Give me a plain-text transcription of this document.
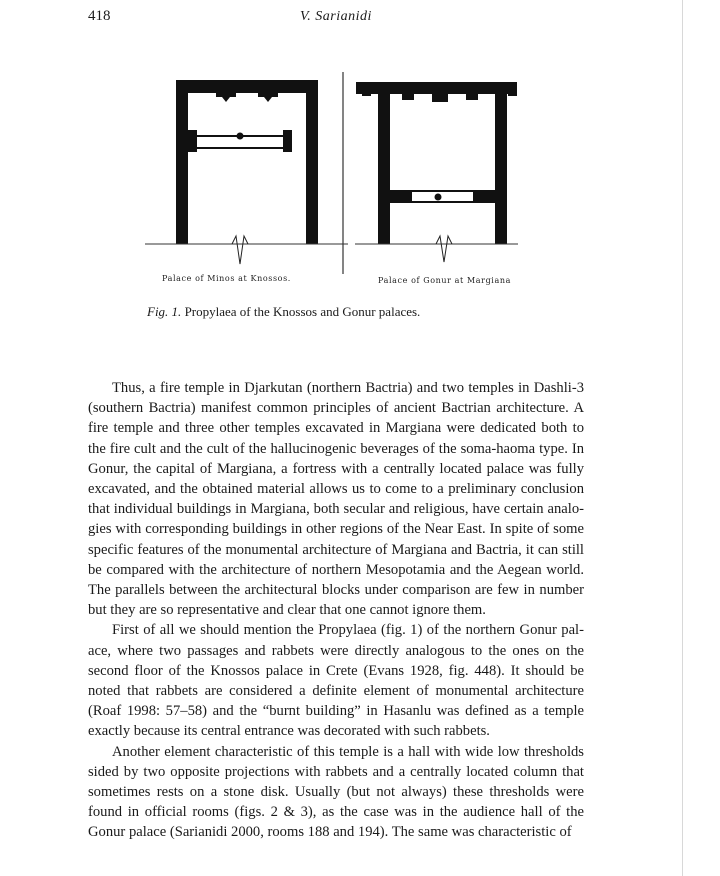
418	V. Sarianidi
Palace of Minos at Knossos.	Palace of Gonur at Margiana
Fig. 1. Propylaea of the Knossos and Gonur palaces.

Thus, a fire temple in Djarkutan (northern Bactria) and two temples in Dashli-3 (southern Bactria) manifest common principles of ancient Bactrian architecture. A fire temple and three other temples excavated in Margiana were dedicated both to the fire cult and the cult of the hallucinogenic beverages of the soma-haoma type. In Gonur, the capital of Margiana, a fortress with a centrally located palace was fully excavated, and the obtained material allows us to come to a preliminary conclusion that individual buildings in Margiana, both secular and religious, have certain analogies with corresponding buildings in other regions of the Near East. In spite of some specific features of the monumental architecture of Margiana and Bactria, it can still be compared with the architecture of northern Mesopotamia and the Aegean world. The parallels between the architectural blocks under comparison are few in number but they are so representative and clear that one cannot ignore them.

First of all we should mention the Propylaea (fig. 1) of the northern Gonur palace, where two passages and rabbets were directly analogous to the ones on the second floor of the Knossos palace in Crete (Evans 1928, fig. 448). It should be noted that rabbets are considered a definite element of monumental architecture (Roaf 1998: 57–58) and the “burnt building” in Hasanlu was defined as a temple exactly because its central entrance was decorated with such rabbets.

Another element characteristic of this temple is a hall with wide low thresholds sided by two opposite projections with rabbets and a centrally located column that sometimes rests on a stone disk. Usually (but not always) these thresholds were found in official rooms (figs. 2 & 3), as the case was in the audience hall of the Gonur palace (Sarianidi 2000, rooms 188 and 194). The same was characteristic of
